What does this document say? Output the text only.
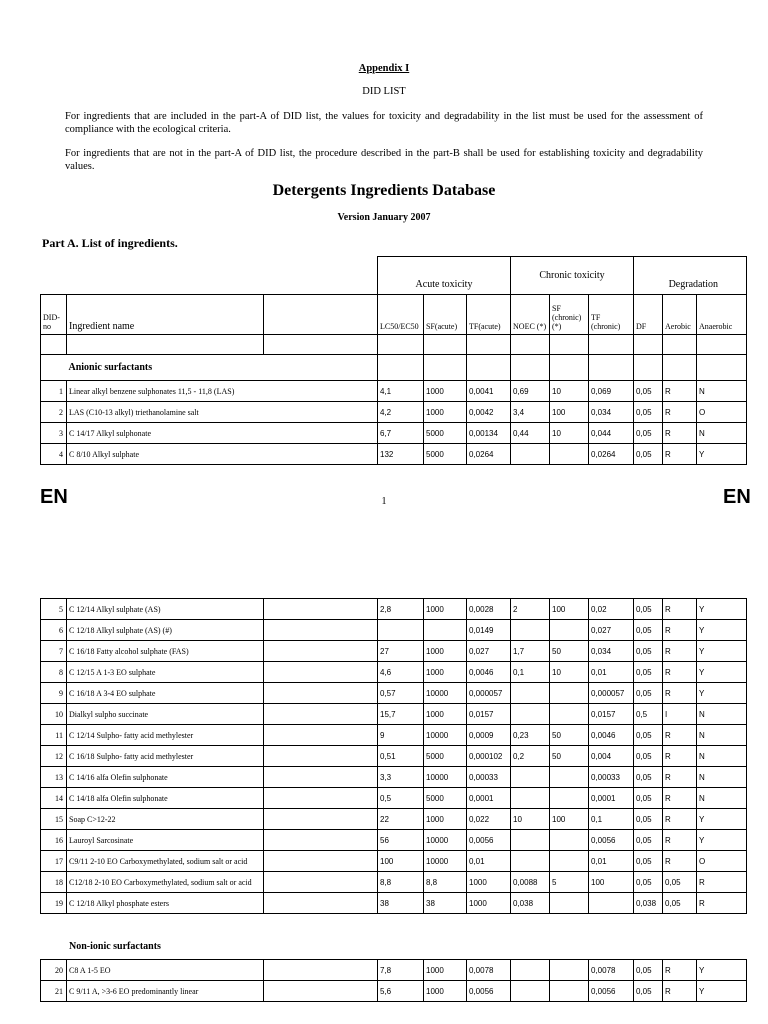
Appendix I
DID LIST
For ingredients that are included in the part-A of DID list, the values for toxicity and degradability in the list must be used for the assessment of compliance with the ecological criteria.
For ingredients that are not in the part-A of DID list, the procedure described in the part-B shall be used for establishing toxicity and degradability values.
Detergents Ingredients Database
Version January 2007
Part A. List of ingredients.
			Acute toxicity			Chronic toxicity			Degradation		
DID-no	Ingredient name		LC50/EC50	SF(acute)	TF(acute)	NOEC (*)	SF (chronic) (*)	TF (chronic)	DF	Aerobic	Anaerobic

	Anionic surfactants									
1	Linear alkyl benzene sulphonates 11,5 - 11,8 (LAS)	4,1	1000	0,0041	0,69	10	0,069	0,05	R	N
2	LAS (C10-13 alkyl) triethanolamine salt	4,2	1000	0,0042	3,4	100	0,034	0,05	R	O
3	C 14/17 Alkyl sulphonate	6,7	5000	0,00134	0,44	10	0,044	0,05	R	N
4	C 8/10 Alkyl sulphate	132	5000	0,0264			0,0264	0,05	R	Y
EN	1	EN
5	C 12/14 Alkyl sulphate (AS)		2,8	1000	0,0028	2	100	0,02	0,05	R	Y
6	C 12/18 Alkyl sulphate (AS) (#)				0,0149			0,027	0,05	R	Y
7	C 16/18 Fatty alcohol sulphate (FAS)		27	1000	0,027	1,7	50	0,034	0,05	R	Y
8	C 12/15 A 1-3 EO sulphate		4,6	1000	0,0046	0,1	10	0,01	0,05	R	Y
9	C 16/18 A 3-4 EO sulphate		0,57	10000	0,000057			0,000057	0,05	R	Y
10	Dialkyl sulpho succinate		15,7	1000	0,0157			0,0157	0,5	I	N
11	C 12/14 Sulpho- fatty acid methylester		9	10000	0,0009	0,23	50	0,0046	0,05	R	N
12	C 16/18 Sulpho- fatty acid methylester		0,51	5000	0,000102	0,2	50	0,004	0,05	R	N
13	C 14/16 alfa Olefin sulphonate		3,3	10000	0,00033			0,00033	0,05	R	N
14	C 14/18 alfa Olefin sulphonate		0,5	5000	0,0001			0,0001	0,05	R	N
15	Soap C>12-22		22	1000	0,022	10	100	0,1	0,05	R	Y
16	Lauroyl Sarcosinate		56	10000	0,0056			0,0056	0,05	R	Y
17	C9/11 2-10 EO Carboxymethylated, sodium salt or acid		100	10000	0,01			0,01	0,05	R	O
18	C12/18 2-10 EO Carboxymethylated, sodium salt or acid		8,8	8,8	1000	0,0088	5	100	0,05	0,05	R
19	C 12/18 Alkyl phosphate esters		38	38	1000	0,038			0,038	0,05	R
Non-ionic surfactants
20	C8 A 1-5 EO		7,8	1000	0,0078			0,0078	0,05	R	Y
21	C 9/11 A, >3-6 EO predominantly linear		5,6	1000	0,0056			0,0056	0,05	R	Y
